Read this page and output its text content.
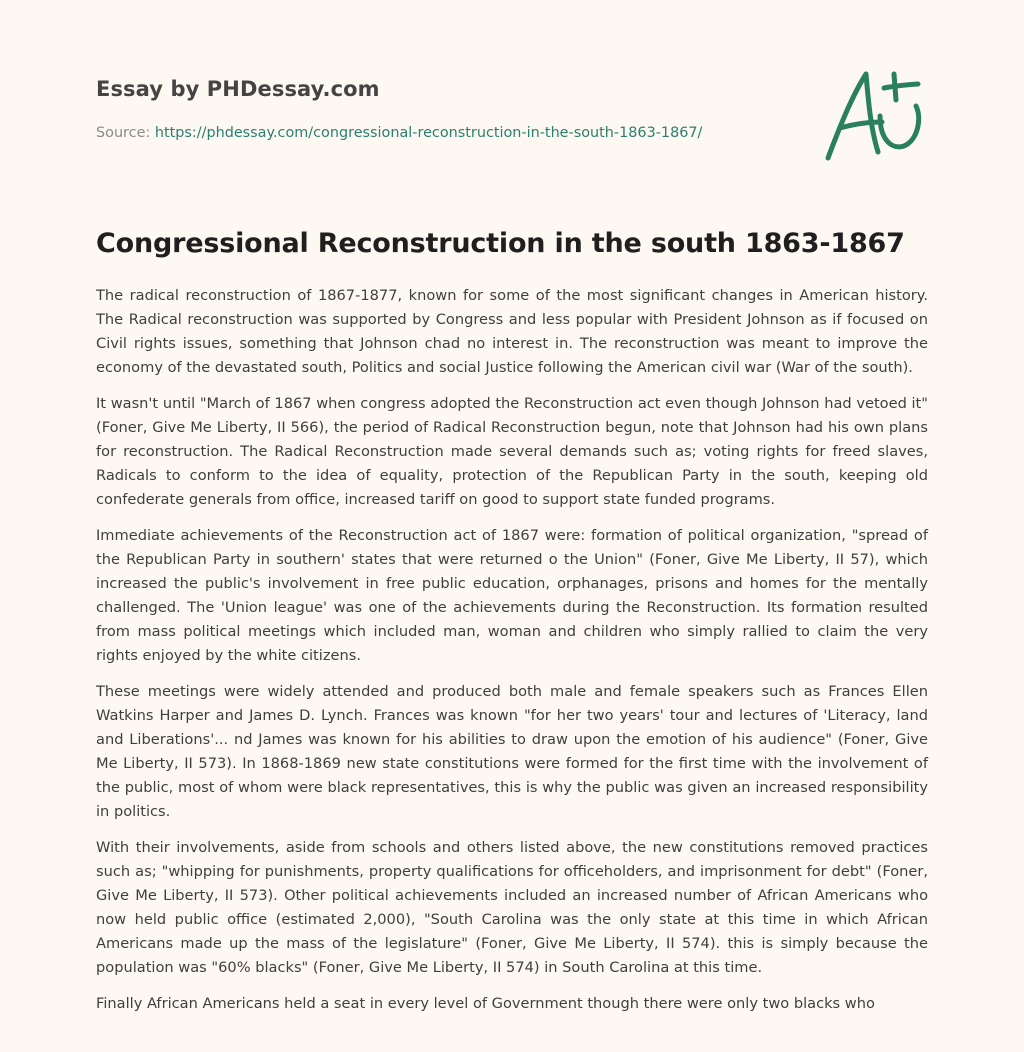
Essay by PHDessay.com
Source: https://phdessay.com/congressional-reconstruction-in-the-south-1863-1867/
Congressional Reconstruction in the south 1863-1867

The radical reconstruction of 1867-1877, known for some of the most significant changes in American history. The Radical reconstruction was supported by Congress and less popular with President Johnson as if focused on Civil rights issues, something that Johnson chad no interest in. The reconstruction was meant to improve the economy of the devastated south, Politics and social Justice following the American civil war (War of the south).

It wasn't until "March of 1867 when congress adopted the Reconstruction act even though Johnson had vetoed it" (Foner, Give Me Liberty, II 566), the period of Radical Reconstruction begun, note that Johnson had his own plans for reconstruction. The Radical Reconstruction made several demands such as; voting rights for freed slaves, Radicals to conform to the idea of equality, protection of the Republican Party in the south, keeping old confederate generals from office, increased tariff on good to support state funded programs.

Immediate achievements of the Reconstruction act of 1867 were: formation of political organization, "spread of the Republican Party in southern' states that were returned o the Union" (Foner, Give Me Liberty, II 57), which increased the public's involvement in free public education, orphanages, prisons and homes for the mentally challenged. The 'Union league' was one of the achievements during the Reconstruction. Its formation resulted from mass political meetings which included man, woman and children who simply rallied to claim the very rights enjoyed by the white citizens.

These meetings were widely attended and produced both male and female speakers such as Frances Ellen Watkins Harper and James D. Lynch. Frances was known "for her two years' tour and lectures of 'Literacy, land and Liberations'... nd James was known for his abilities to draw upon the emotion of his audience" (Foner, Give Me Liberty, II 573). In 1868-1869 new state constitutions were formed for the first time with the involvement of the public, most of whom were black representatives, this is why the public was given an increased responsibility in politics.

With their involvements, aside from schools and others listed above, the new constitutions removed practices such as; "whipping for punishments, property qualifications for officeholders, and imprisonment for debt" (Foner, Give Me Liberty, II 573). Other political achievements included an increased number of African Americans who now held public office (estimated 2,000), "South Carolina was the only state at this time in which African Americans made up the mass of the legislature" (Foner, Give Me Liberty, II 574). this is simply because the population was "60% blacks" (Foner, Give Me Liberty, II 574) in South Carolina at this time.

Finally African Americans held a seat in every level of Government though there were only two blacks who
